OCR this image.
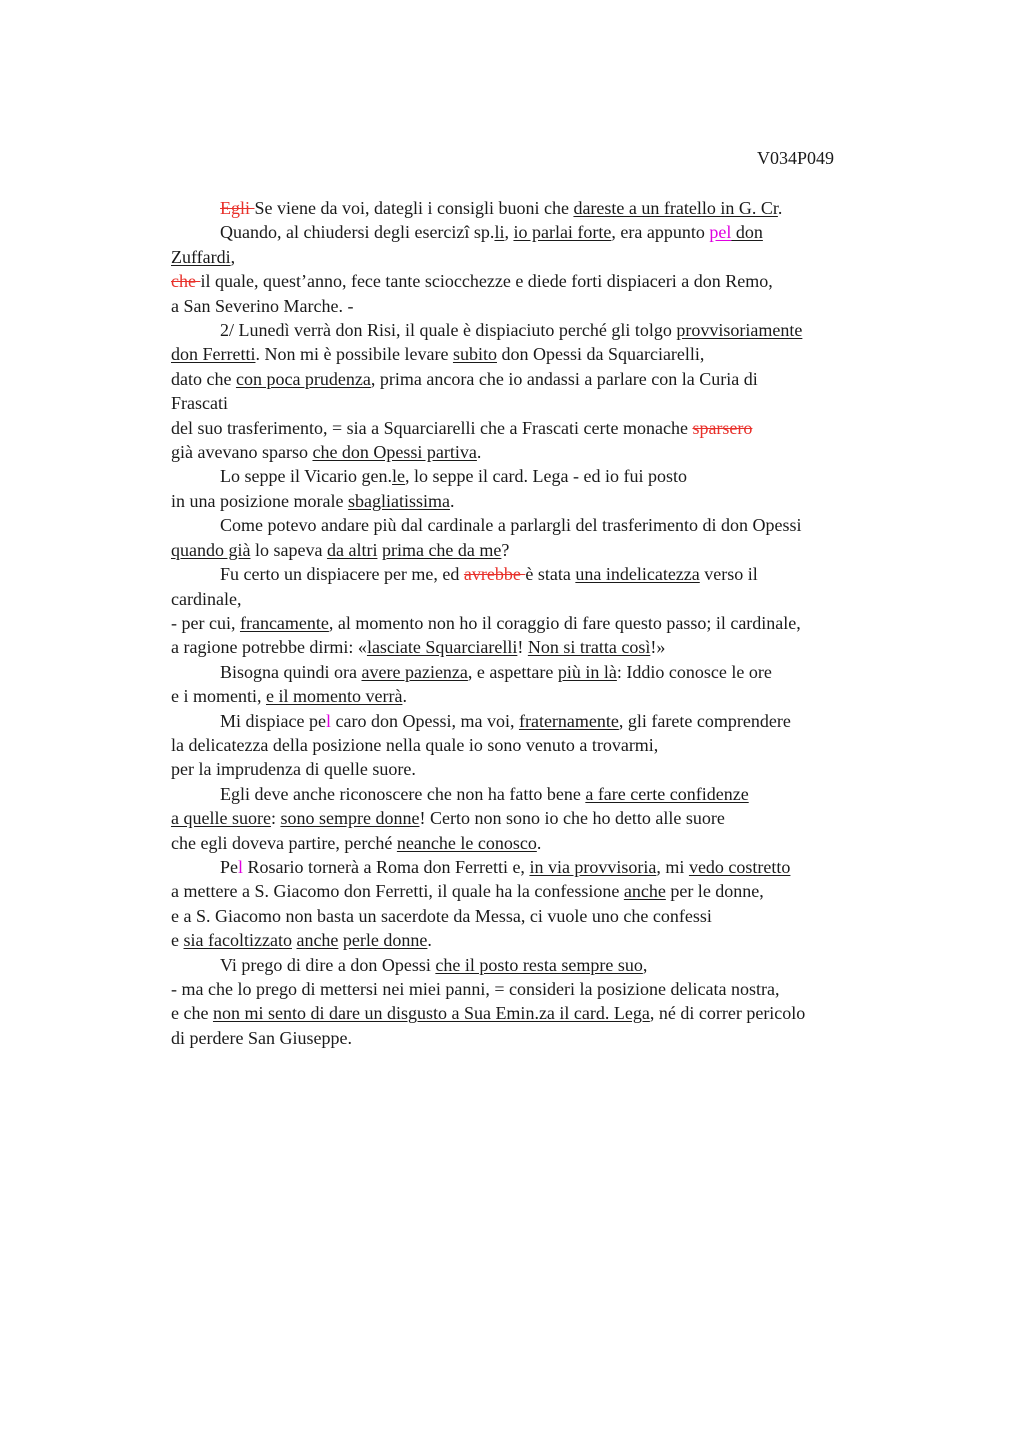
V034P049
Egli Se viene da voi, dategli i consigli buoni che dareste a un fratello in G. Cr.
Quando, al chiudersi degli esercizi sp.li, io parlai forte, era appunto pel don
Zuffardi,
che il quale, quest’anno, fece tante sciocchezze e diede forti dispiaceri a don Remo,
a San Severino Marche. -
2/ Lunedì verrà don Risi, il quale è dispiaciuto perché gli tolgo provvisoriamente
don Ferretti. Non mi è possibile levare subito don Opessi da Squarciarelli,
dato che con poca prudenza, prima ancora che io andassi a parlare con la Curia di
Frascati
del suo trasferimento, = sia a Squarciarelli che a Frascati certe monache sparsero
già avevano sparso che don Opessi partiva.
Lo seppe il Vicario gen.le, lo seppe il card. Lega - ed io fui posto
in una posizione morale sbagliatissima.
Come potevo andare più dal cardinale a parlargli del trasferimento di don Opessi
quando già lo sapeva da altri prima che da me?
Fu certo un dispiacere per me, ed avrebbe è stata una indelicatezza verso il
cardinale,
- per cui, francamente, al momento non ho il coraggio di fare questo passo; il cardinale,
a ragione potrebbe dirmi: «lasciate Squarciarelli! Non si tratta così!»
Bisogna quindi ora avere pazienza, e aspettare più in là: Iddio conosce le ore
e i momenti, e il momento verrà.
Mi dispiace pel caro don Opessi, ma voi, fraternamente, gli farete comprendere
la delicatezza della posizione nella quale io sono venuto a trovarmi,
per la imprudenza di quelle suore.
Egli deve anche riconoscere che non ha fatto bene a fare certe confidenze
a quelle suore: sono sempre donne! Certo non sono io che ho detto alle suore
che egli doveva partire, perché neanche le conosco.
Pel Rosario tornerà a Roma don Ferretti e, in via provvisoria, mi vedo costretto
a mettere a S. Giacomo don Ferretti, il quale ha la confessione anche per le donne,
e a S. Giacomo non basta un sacerdote da Messa, ci vuole uno che confessi
e sia facoltizzato anche perle donne.
Vi prego di dire a don Opessi che il posto resta sempre suo,
- ma che lo prego di mettersi nei miei panni, = consideri la posizione delicata nostra,
e che non mi sento di dare un disgusto a Sua Emin.za il card. Lega, né di correr pericolo
di perdere San Giuseppe.
